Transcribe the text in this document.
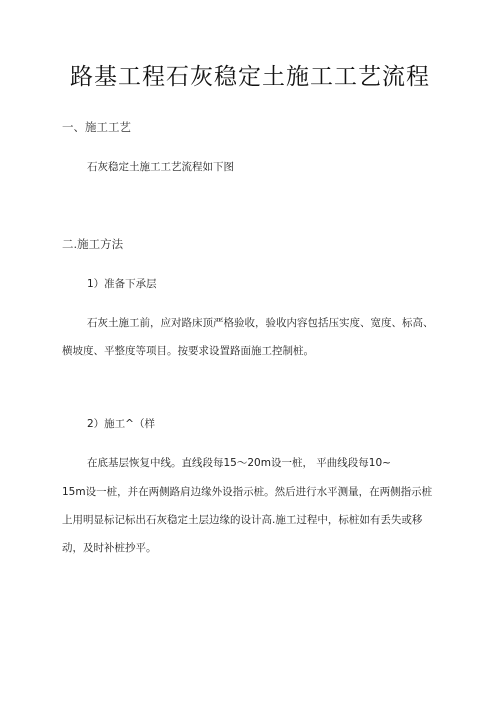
路基工程石灰稳定土施工工艺流程
一、施工工艺
石灰稳定土施工工艺流程如下图
二.施工方法
1）准备下承层
石灰土施工前，应对路床顶严格验收，验收内容包括压实度、宽度、标高、
横坡度、平整度等项目。按要求设置路面施工控制桩。
2）施工^（样
在底基层恢复中线。直线段每15～20m设一桩， 平曲线段每10~
15m设一桩，并在两侧路肩边缘外设指示桩。然后进行水平测量，在两侧指示桩
上用明显标记标出石灰稳定土层边缘的设计高.施工过程中，标桩如有丢失或移
动，及时补桩抄平。
